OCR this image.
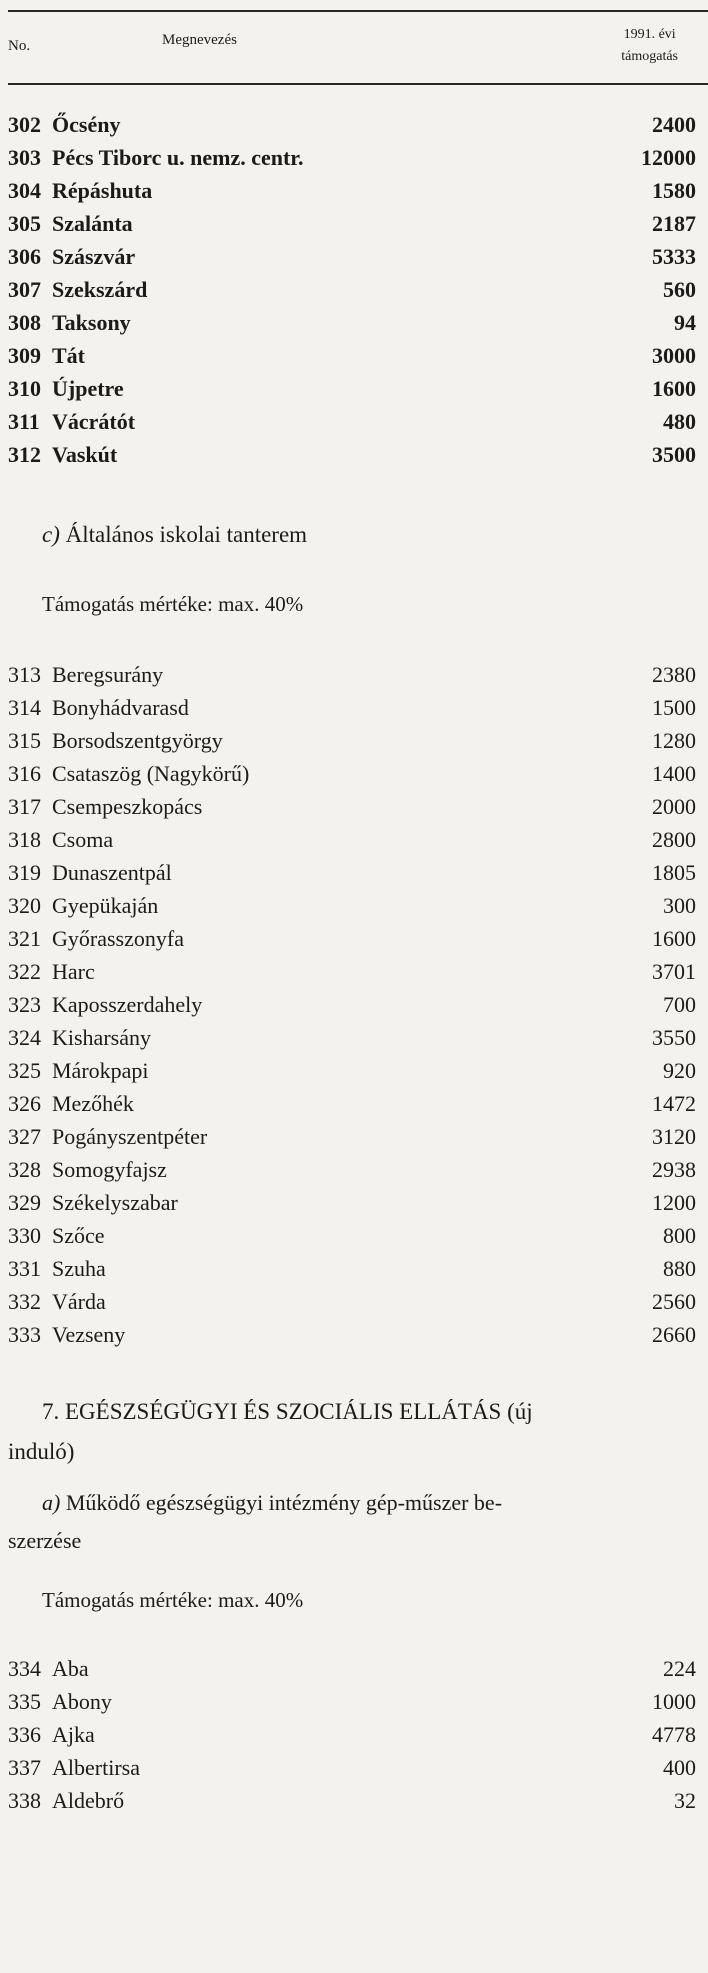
No.	Megnevezés	1991. évi
támogatás
302 Őcsény	2400
303 Pécs Tiborc u. nemz. centr.	12000
304 Répáshuta	1580
305 Szalánta	2187
306 Szászvár	5333
307 Szekszárd	560
308 Taksony	94
309 Tát	3000
310 Újpetre	1600
311 Vácrátót	480
312 Vaskút	3500
c) Általános iskolai tanterem
Támogatás mértéke: max. 40%
313 Beregsurány	2380
314 Bonyhádvarasd	1500
315 Borsodszentgyörgy	1280
316 Csataszög (Nagykörű)	1400
317 Csempeszkopács	2000
318 Csoma	2800
319 Dunaszentpál	1805
320 Gyepükaján	300
321 Győrasszonyfa	1600
322 Harc	3701
323 Kaposszerdahely	700
324 Kisharsány	3550
325 Márokpapi	920
326 Mezőhék	1472
327 Pogányszentpéter	3120
328 Somogyfajsz	2938
329 Székelyszabar	1200
330 Szőce	800
331 Szuha	880
332 Várda	2560
333 Vezseny	2660
7. EGÉSZSÉGÜGYI ÉS SZOCIÁLIS ELLÁTÁS (új
induló)
a) Működő egészségügyi intézmény gép-műszer be-
szerzése
Támogatás mértéke: max. 40%
334 Aba	224
335 Abony	1000
336 Ajka	4778
337 Albertirsa	400
338 Aldebrő	32
